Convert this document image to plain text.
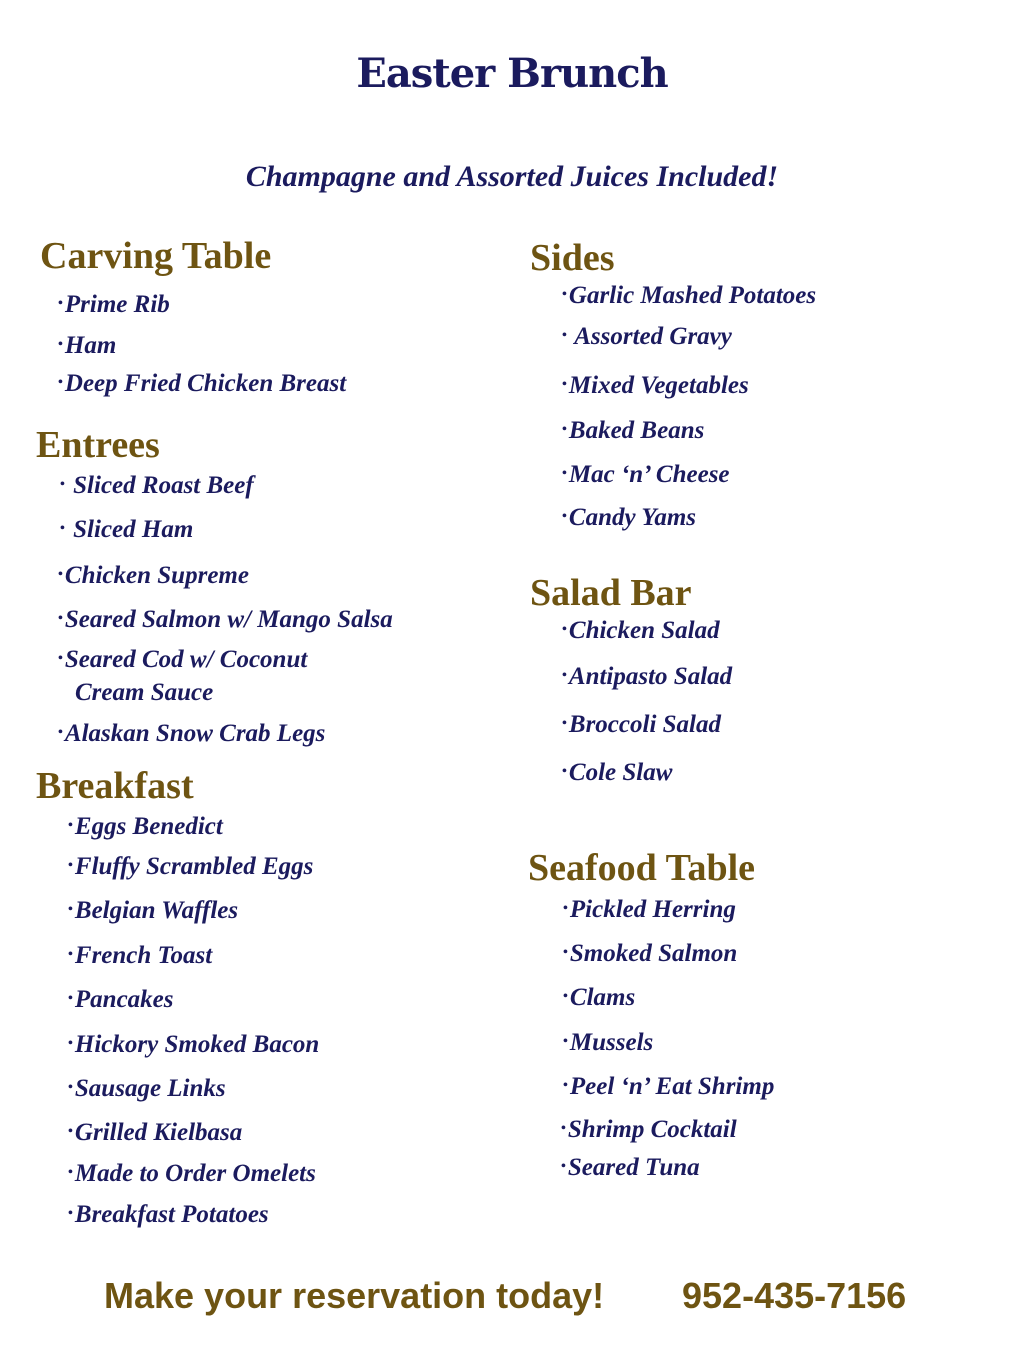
Easter Brunch
Champagne and Assorted Juices Included!
Carving Table
•Prime Rib
•Ham
•Deep Fried Chicken Breast
Entrees
• Sliced Roast Beef
• Sliced Ham
•Chicken Supreme
•Seared Salmon w/ Mango Salsa
•Seared Cod w/ Coconut
Cream Sauce
•Alaskan Snow Crab Legs
Breakfast
•Eggs Benedict
•Fluffy Scrambled Eggs
•Belgian Waffles
•French Toast
•Pancakes
•Hickory Smoked Bacon
•Sausage Links
•Grilled Kielbasa
•Made to Order Omelets
•Breakfast Potatoes
Sides
•Garlic Mashed Potatoes
• Assorted Gravy
•Mixed Vegetables
•Baked Beans
•Mac ‘n’ Cheese
•Candy Yams
Salad Bar
•Chicken Salad
•Antipasto Salad
•Broccoli Salad
•Cole Slaw
Seafood Table
•Pickled Herring
•Smoked Salmon
•Clams
•Mussels
•Peel ‘n’ Eat Shrimp
•Shrimp Cocktail
•Seared Tuna
Make your reservation today! 952-435-7156
